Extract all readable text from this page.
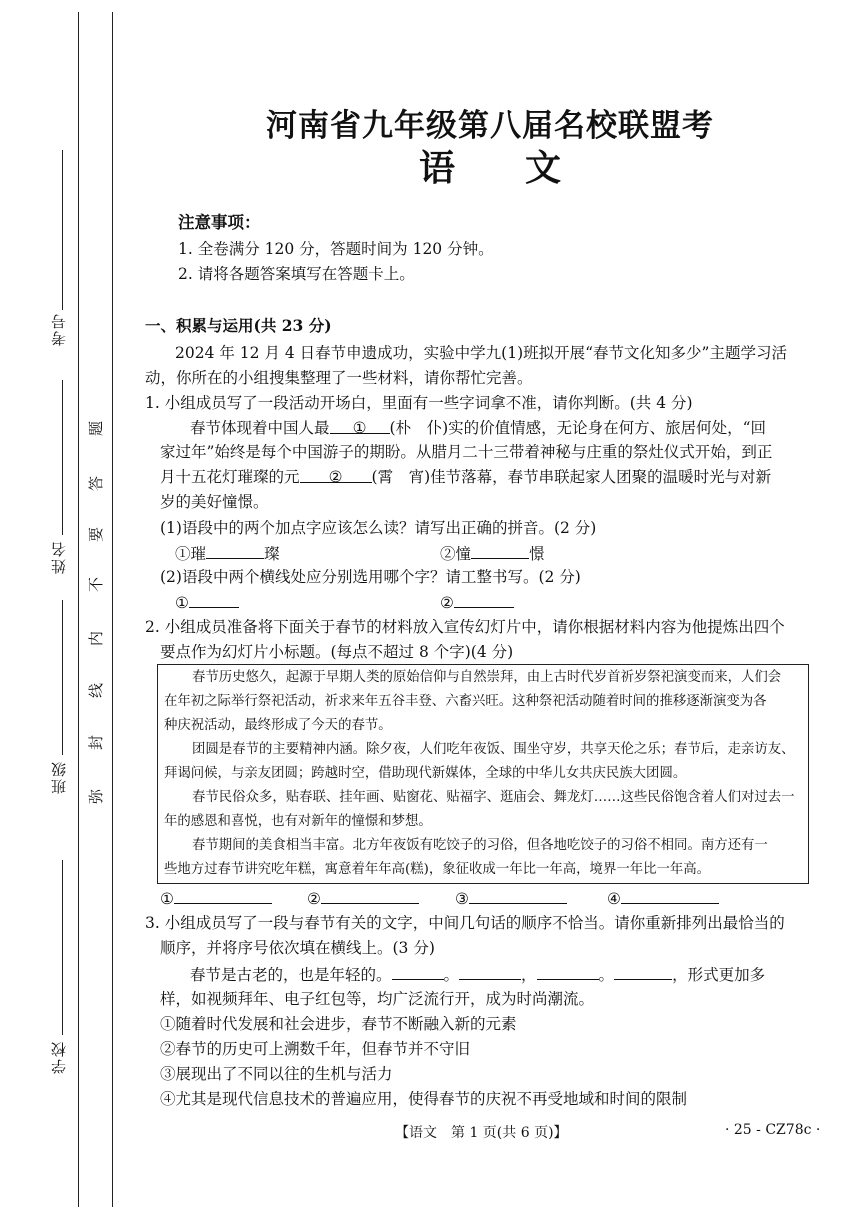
考号
姓名
班级
学校
题
答
要
不
内
线
封
弥
河南省九年级第八届名校联盟考
语文
注意事项：
1. 全卷满分 120 分，答题时间为 120 分钟。
2. 请将各题答案填写在答题卡上。
一、积累与运用(共 23 分)
2024 年 12 月 4 日春节申遗成功，实验中学九(1)班拟开展“春节文化知多少”主题学习活
动，你所在的小组搜集整理了一些材料，请你帮忙完善。
1. 小组成员写了一段活动开场白，里面有一些字词拿不准，请你判断。(共 4 分)
春节体现着中国人最 ① (朴　仆)实的价值情感，无论身在何方、旅居何处，“回
家过年”始终是每个中国游子的期盼。从腊月二十三带着神秘与庄重的祭灶仪式开始，到正
月十五花灯璀璨的元 ② (霄　宵)佳节落幕，春节串联起家人团聚的温暖时光与对新
岁的美好憧憬。
(1)语段中的两个加点字应该怎么读？请写出正确的拼音。(2 分)
①璀	璨	②憧	憬
(2)语段中两个横线处应分别选用哪个字？请工整书写。(2 分)
①	②
2. 小组成员准备将下面关于春节的材料放入宣传幻灯片中，请你根据材料内容为他提炼出四个
要点作为幻灯片小标题。(每点不超过 8 个字)(4 分)
春节历史悠久，起源于早期人类的原始信仰与自然崇拜，由上古时代岁首祈岁祭祀演变而来，人们会
在年初之际举行祭祀活动，祈求来年五谷丰登、六畜兴旺。这种祭祀活动随着时间的推移逐渐演变为各
种庆祝活动，最终形成了今天的春节。
团圆是春节的主要精神内涵。除夕夜，人们吃年夜饭、围坐守岁，共享天伦之乐；春节后，走亲访友、
拜谒问候，与亲友团圆；跨越时空，借助现代新媒体，全球的中华儿女共庆民族大团圆。
春节民俗众多，贴春联、挂年画、贴窗花、贴福字、逛庙会、舞龙灯……这些民俗饱含着人们对过去一
年的感恩和喜悦，也有对新年的憧憬和梦想。
春节期间的美食相当丰富。北方年夜饭有吃饺子的习俗，但各地吃饺子的习俗不相同。南方还有一
些地方过春节讲究吃年糕，寓意着年年高(糕)，象征收成一年比一年高，境界一年比一年高。
①	②	③	④
3. 小组成员写了一段与春节有关的文字，中间几句话的顺序不恰当。请你重新排列出最恰当的
顺序，并将序号依次填在横线上。(3 分)
春节是古老的，也是年轻的。	。	，	。	，形式更加多
样，如视频拜年、电子红包等，均广泛流行开，成为时尚潮流。
①随着时代发展和社会进步，春节不断融入新的元素
②春节的历史可上溯数千年，但春节并不守旧
③展现出了不同以往的生机与活力
④尤其是现代信息技术的普遍应用，使得春节的庆祝不再受地域和时间的限制
【语文　第 1 页(共 6 页)】	· 25 - CZ78c ·
